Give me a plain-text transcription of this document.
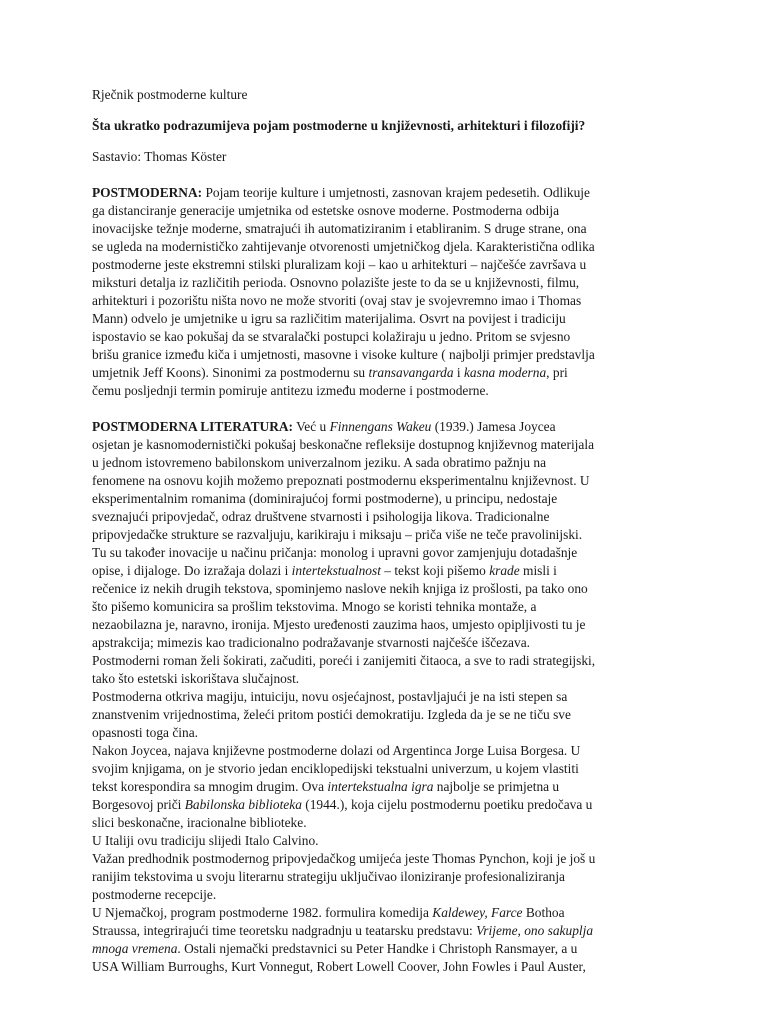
Rječnik postmoderne kulture
Šta ukratko podrazumijeva pojam postmoderne u književnosti, arhitekturi i filozofiji?
Sastavio: Thomas Köster
POSTMODERNA: Pojam teorije kulture i umjetnosti, zasnovan krajem pedesetih. Odlikuje
ga distanciranje generacije umjetnika od estetske osnove moderne. Postmoderna odbija
inovacijske težnje moderne, smatrajući ih automatiziranim i etabliranim. S druge strane, ona
se ugleda na modernističko zahtijevanje otvorenosti umjetničkog djela. Karakteristična odlika
postmoderne jeste ekstremni stilski pluralizam koji – kao u arhitekturi – najčešće završava u
miksturi detalja iz različitih perioda. Osnovno polazište jeste to da se u književnosti, filmu,
arhitekturi i pozorištu ništa novo ne može stvoriti (ovaj stav je svojevremno imao i Thomas
Mann) odvelo je umjetnike u igru sa različitim materijalima. Osvrt na povijest i tradiciju
ispostavio se kao pokušaj da se stvaralački postupci kolažiraju u jedno. Pritom se svjesno
brišu granice između kiča i umjetnosti, masovne i visoke kulture ( najbolji primjer predstavlja
umjetnik Jeff Koons). Sinonimi za postmodernu su transavangarda i kasna moderna, pri
čemu posljednji termin pomiruje antitezu između moderne i postmoderne.
POSTMODERNA LITERATURA: Već u Finnengans Wakeu (1939.) Jamesa Joycea
osjetan je kasnomodernistički pokušaj beskonačne refleksije dostupnog književnog materijala
u jednom istovremeno babilonskom univerzalnom jeziku. A sada obratimo pažnju na
fenomene na osnovu kojih možemo prepoznati postmodernu eksperimentalnu književnost. U
eksperimentalnim romanima (dominirajućoj formi postmoderne), u principu, nedostaje
sveznajući pripovjedač, odraz društvene stvarnosti i psihologija likova. Tradicionalne
pripovjedačke strukture se razvaljuju, karikiraju i miksaju – priča više ne teče pravolinijski.
Tu su također inovacije u načinu pričanja: monolog i upravni govor zamjenjuju dotadašnje
opise, i dijaloge. Do izražaja dolazi i intertekstualnost – tekst koji pišemo krade misli i
rečenice iz nekih drugih tekstova, spominjemo naslove nekih knjiga iz prošlosti, pa tako ono
što pišemo komunicira sa prošlim tekstovima. Mnogo se koristi tehnika montaže, a
nezaobilazna je, naravno, ironija. Mjesto uređenosti zauzima haos, umjesto opipljivosti tu je
apstrakcija; mimezis kao tradicionalno podražavanje stvarnosti najčešće iščezava.
Postmoderni roman želi šokirati, začuditi, poreći i zanijemiti čitaoca, a sve to radi strategijski,
tako što estetski iskorištava slučajnost.
Postmoderna otkriva magiju, intuiciju, novu osjećajnost, postavljajući je na isti stepen sa
znanstvenim vrijednostima, želeći pritom postići demokratiju. Izgleda da je se ne tiču sve
opasnosti toga čina.
Nakon Joycea, najava književne postmoderne dolazi od Argentinca Jorge Luisa Borgesa. U
svojim knjigama, on je stvorio jedan enciklopedijski tekstualni univerzum, u kojem vlastiti
tekst korespondira sa mnogim drugim. Ova intertekstualna igra najbolje se primjetna u
Borgesovoj priči Babilonska biblioteka (1944.), koja cijelu postmodernu poetiku predočava u
slici beskonačne, iracionalne biblioteke.
U Italiji ovu tradiciju slijedi Italo Calvino.
Važan predhodnik postmodernog pripovjedačkog umijeća jeste Thomas Pynchon, koji je još u
ranijim tekstovima u svoju literarnu strategiju uključivao iloniziranje profesionaliziranja
postmoderne recepcije.
U Njemačkoj, program postmoderne 1982. formulira komedija Kaldewey, Farce Bothoa
Straussa, integrirajući time teoretsku nadgradnju u teatarsku predstavu: Vrijeme, ono sakuplja
mnoga vremena. Ostali njemački predstavnici su Peter Handke i Christoph Ransmayer, a u
USA William Burroughs, Kurt Vonnegut, Robert Lowell Coover, John Fowles i Paul Auster,
